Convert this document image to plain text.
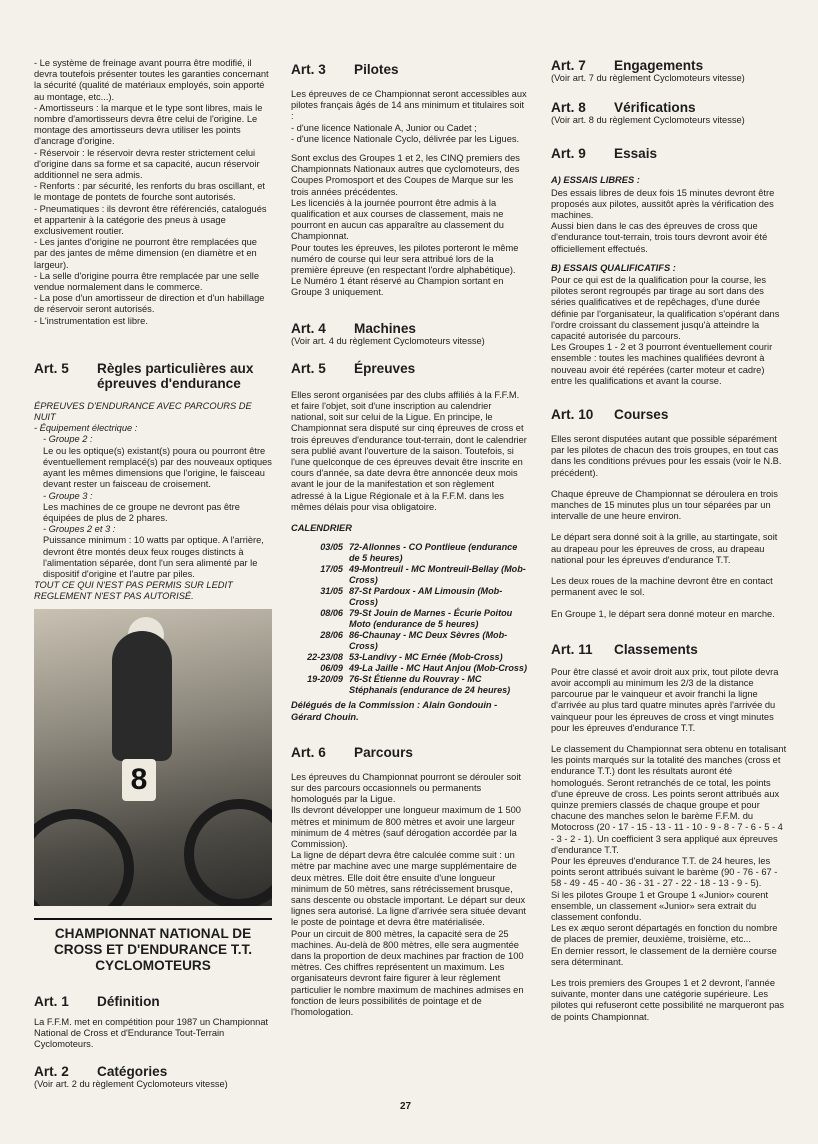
- Le système de freinage avant pourra être modifié, il devra toutefois présenter toutes les garanties concernant la sécurité (qualité de matériaux employés, soin apporté au montage, etc...).

- Amortisseurs : la marque et le type sont libres, mais le nombre d'amortisseurs devra être celui de l'origine. Le montage des amortisseurs devra utiliser les points d'ancrage d'origine.

- Réservoir : le réservoir devra rester strictement celui d'origine dans sa forme et sa capacité, aucun réservoir additionnel ne sera admis.

- Renforts : par sécurité, les renforts du bras oscillant, et le montage de pontets de fourche sont autorisés.

- Pneumatiques : ils devront être référenciés, catalogués et appartenir à la catégorie des pneus à usage exclusivement routier.

- Les jantes d'origine ne pourront être remplacées que par des jantes de même dimension (en diamètre et en largeur).

- La selle d'origine pourra être remplacée par une selle vendue normalement dans le commerce.

- La pose d'un amortisseur de direction et d'un habillage de réservoir seront autorisés.

- L'instrumentation est libre.

Art. 5	Règles particulières aux épreuves d'endurance

ÉPREUVES D'ENDURANCE AVEC PARCOURS DE NUIT

- Équipement électrique :

- Groupe 2 :

Le ou les optique(s) existant(s) poura ou pourront être éventuellement remplacé(s) par des nouveaux optiques ayant les mêmes dimensions que l'origine, le faisceau devant rester un faisceau de croisement.

- Groupe 3 :

Les machines de ce groupe ne devront pas être équipées de plus de 2 phares.

- Groupes 2 et 3 :

Puissance minimum : 10 watts par optique. A l'arrière, devront être montés deux feux rouges distincts à l'alimentation séparée, dont l'un sera alimenté par le dispositif d'origine et l'autre par piles.

TOUT CE QUI N'EST PAS PERMIS SUR LEDIT REGLEMENT N'EST PAS AUTORISÉ.

8
CHAMPIONNAT NATIONAL DE CROSS ET D'ENDURANCE T.T. CYCLOMOTEURS
Art. 1	Définition

La F.F.M. met en compétition pour 1987 un Championnat National de Cross et d'Endurance Tout-Terrain Cyclomoteurs.

Art. 2	Catégories

(Voir art. 2 du règlement Cyclomoteurs vitesse)

Art. 3	Pilotes

Les épreuves de ce Championnat seront accessibles aux pilotes français âgés de 14 ans minimum et titulaires soit :

- d'une licence Nationale A, Junior ou Cadet ;

- d'une licence Nationale Cyclo, délivrée par les Ligues.

Sont exclus des Groupes 1 et 2, les CINQ premiers des Championnats Nationaux autres que cyclomoteurs, des Coupes Promosport et des Coupes de Marque sur les trois années précédentes.

Les licenciés à la journée pourront être admis à la qualification et aux courses de classement, mais ne pourront en aucun cas apparaître au classement du Championnat.

Pour toutes les épreuves, les pilotes porteront le même numéro de course qui leur sera attribué lors de la première épreuve (en respectant l'ordre alphabétique).

Le Numéro 1 étant réservé au Champion sortant en Groupe 3 uniquement.

Art. 4	Machines

(Voir art. 4 du règlement Cyclomoteurs vitesse)

Art. 5	Épreuves

Elles seront organisées par des clubs affiliés à la F.F.M. et faire l'objet, soit d'une inscription au calendrier national, soit sur celui de la Ligue. En principe, le Championnat sera disputé sur cinq épreuves de cross et trois épreuves d'endurance tout-terrain, dont le calendrier sera publié avant l'ouverture de la saison. Toutefois, si l'une quelconque de ces épreuves devait être inscrite en cours d'année, sa date devra être annoncée deux mois avant le jour de la manifestation et son règlement adressé à la Ligue Régionale et à la F.F.M. dans les mêmes délais pour visa obligatoire.

CALENDRIER

03/05 72-Allonnes - CO Pontlieue (endurance de 5 heures)
17/05 49-Montreuil - MC Montreuil-Bellay (Mob-Cross)
31/05 87-St Pardoux - AM Limousin (Mob-Cross)
08/06 79-St Jouin de Marnes - Écurie Poitou Moto (endurance de 5 heures)
28/06 86-Chaunay - MC Deux Sèvres (Mob-Cross)
22-23/08 53-Landivy - MC Ernée (Mob-Cross)
06/09 49-La Jaille - MC Haut Anjou (Mob-Cross)
19-20/09 76-St Étienne du Rouvray - MC Stéphanais (endurance de 24 heures)

Délégués de la Commission : Alain Gondouin - Gérard Chouin.

Art. 6	Parcours

Les épreuves du Championnat pourront se dérouler soit sur des parcours occasionnels ou permanents homologués par la Ligue.

Ils devront développer une longueur maximum de 1 500 mètres et minimum de 800 mètres et avoir une largeur minimum de 4 mètres (sauf dérogation accordée par la Commission).

La ligne de départ devra être calculée comme suit : un mètre par machine avec une marge supplémentaire de deux mètres. Elle doit être ensuite d'une longueur minimum de 50 mètres, sans rétrécissement brusque, sans descente ou obstacle important. Le départ sur deux lignes sera autorisé. La ligne d'arrivée sera située devant le poste de pointage et devra être matérialisée.

Pour un circuit de 800 mètres, la capacité sera de 25 machines. Au-delà de 800 mètres, elle sera augmentée dans la proportion de deux machines par fraction de 100 mètres. Ces chiffres représentent un maximum. Les organisateurs devront faire figurer à leur règlement particulier le nombre maximum de machines admises en fonction de leurs possibilités de pointage et de l'homologation.

Art. 7	Engagements

(Voir art. 7 du règlement Cyclomoteurs vitesse)

Art. 8	Vérifications

(Voir art. 8 du règlement Cyclomoteurs vitesse)

Art. 9	Essais

A) ESSAIS LIBRES :

Des essais libres de deux fois 15 minutes devront être proposés aux pilotes, aussitôt après la vérification des machines.

Aussi bien dans le cas des épreuves de cross que d'endurance tout-terrain, trois tours devront avoir été officiellement effectués.

B) ESSAIS QUALIFICATIFS :

Pour ce qui est de la qualification pour la course, les pilotes seront regroupés par tirage au sort dans des séries qualificatives et de repêchages, d'une durée définie par l'organisateur, la qualification s'opérant dans l'ordre croissant du classement jusqu'à atteindre la capacité autorisée du parcours.

Les Groupes 1 - 2 et 3 pourront éventuellement courir ensemble : toutes les machines qualifiées devront à nouveau avoir été repérées (carter moteur et cadre) entre les qualifications et avant la course.

Art. 10	Courses

Elles seront disputées autant que possible séparément par les pilotes de chacun des trois groupes, en tout cas dans les conditions prévues pour les essais (voir le N.B. précédent).

Chaque épreuve de Championnat se déroulera en trois manches de 15 minutes plus un tour séparées par un intervalle de une heure environ.

Le départ sera donné soit à la grille, au startingate, soit au drapeau pour les épreuves de cross, au drapeau national pour les épreuves d'endurance T.T.

Les deux roues de la machine devront être en contact permanent avec le sol.

En Groupe 1, le départ sera donné moteur en marche.

Art. 11	Classements

Pour être classé et avoir droit aux prix, tout pilote devra avoir accompli au minimum les 2/3 de la distance parcourue par le vainqueur et avoir franchi la ligne d'arrivée au plus tard quatre minutes après l'arrivée du vainqueur pour les épreuves de cross et vingt minutes pour les épreuves d'endurance T.T.

Le classement du Championnat sera obtenu en totalisant les points marqués sur la totalité des manches (cross et endurance T.T.) dont les résultats auront été homologués. Seront retranchés de ce total, les points d'une épreuve de cross. Les points seront attribués aux quinze premiers classés de chaque groupe et pour chacune des manches selon le barème F.F.M. du Motocross (20 - 17 - 15 - 13 - 11 - 10 - 9 - 8 - 7 - 6 - 5 - 4 - 3 - 2 - 1). Un coefficient 3 sera appliqué aux épreuves d'endurance T.T.

Pour les épreuves d'endurance T.T. de 24 heures, les points seront attribués suivant le barème (90 - 76 - 67 - 58 - 49 - 45 - 40 - 36 - 31 - 27 - 22 - 18 - 13 - 9 - 5).

Si les pilotes Groupe 1 et Groupe 1 «Junior» courent ensemble, un classement «Junior» sera extrait du classement confondu.

Les ex æquo seront départagés en fonction du nombre de places de premier, deuxième, troisième, etc...

En dernier ressort, le classement de la dernière course sera déterminant.

Les trois premiers des Groupes 1 et 2 devront, l'année suivante, monter dans une catégorie supérieure. Les pilotes qui refuseront cette possibilité ne marqueront pas de points Championnat.

27
